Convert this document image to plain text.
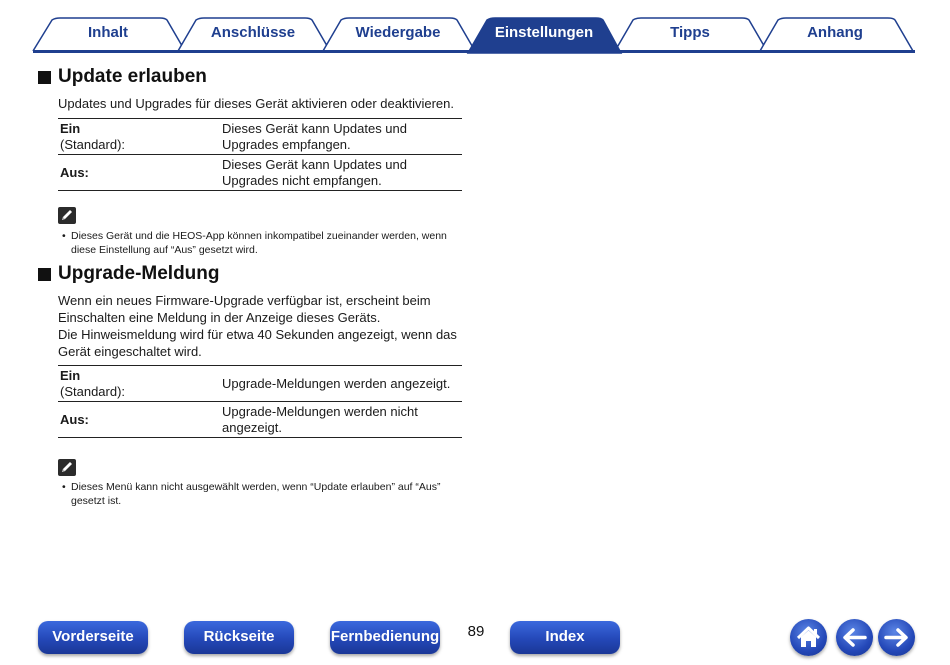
Inhalt	Anschlüsse	Wiedergabe	Einstellungen	Tipps	Anhang
Update erlauben
Updates und Upgrades für dieses Gerät aktivieren oder deaktivieren.
Ein
(Standard):	Dieses Gerät kann Updates und Upgrades empfangen.

Aus:	Dieses Gerät kann Updates und Upgrades nicht empfangen.
• Dieses Gerät und die HEOS-App können inkompatibel zueinander werden, wenn diese Einstellung auf “Aus” gesetzt wird.
Upgrade-Meldung
Wenn ein neues Firmware-Upgrade verfügbar ist, erscheint beim Einschalten eine Meldung in der Anzeige dieses Geräts.
Die Hinweismeldung wird für etwa 40 Sekunden angezeigt, wenn das Gerät eingeschaltet wird.
Ein
(Standard):	Upgrade-Meldungen werden angezeigt.

Aus:	Upgrade-Meldungen werden nicht angezeigt.
• Dieses Menü kann nicht ausgewählt werden, wenn “Update erlauben” auf “Aus” gesetzt ist.
Vorderseite	Rückseite	Fernbedienung	89	Index
